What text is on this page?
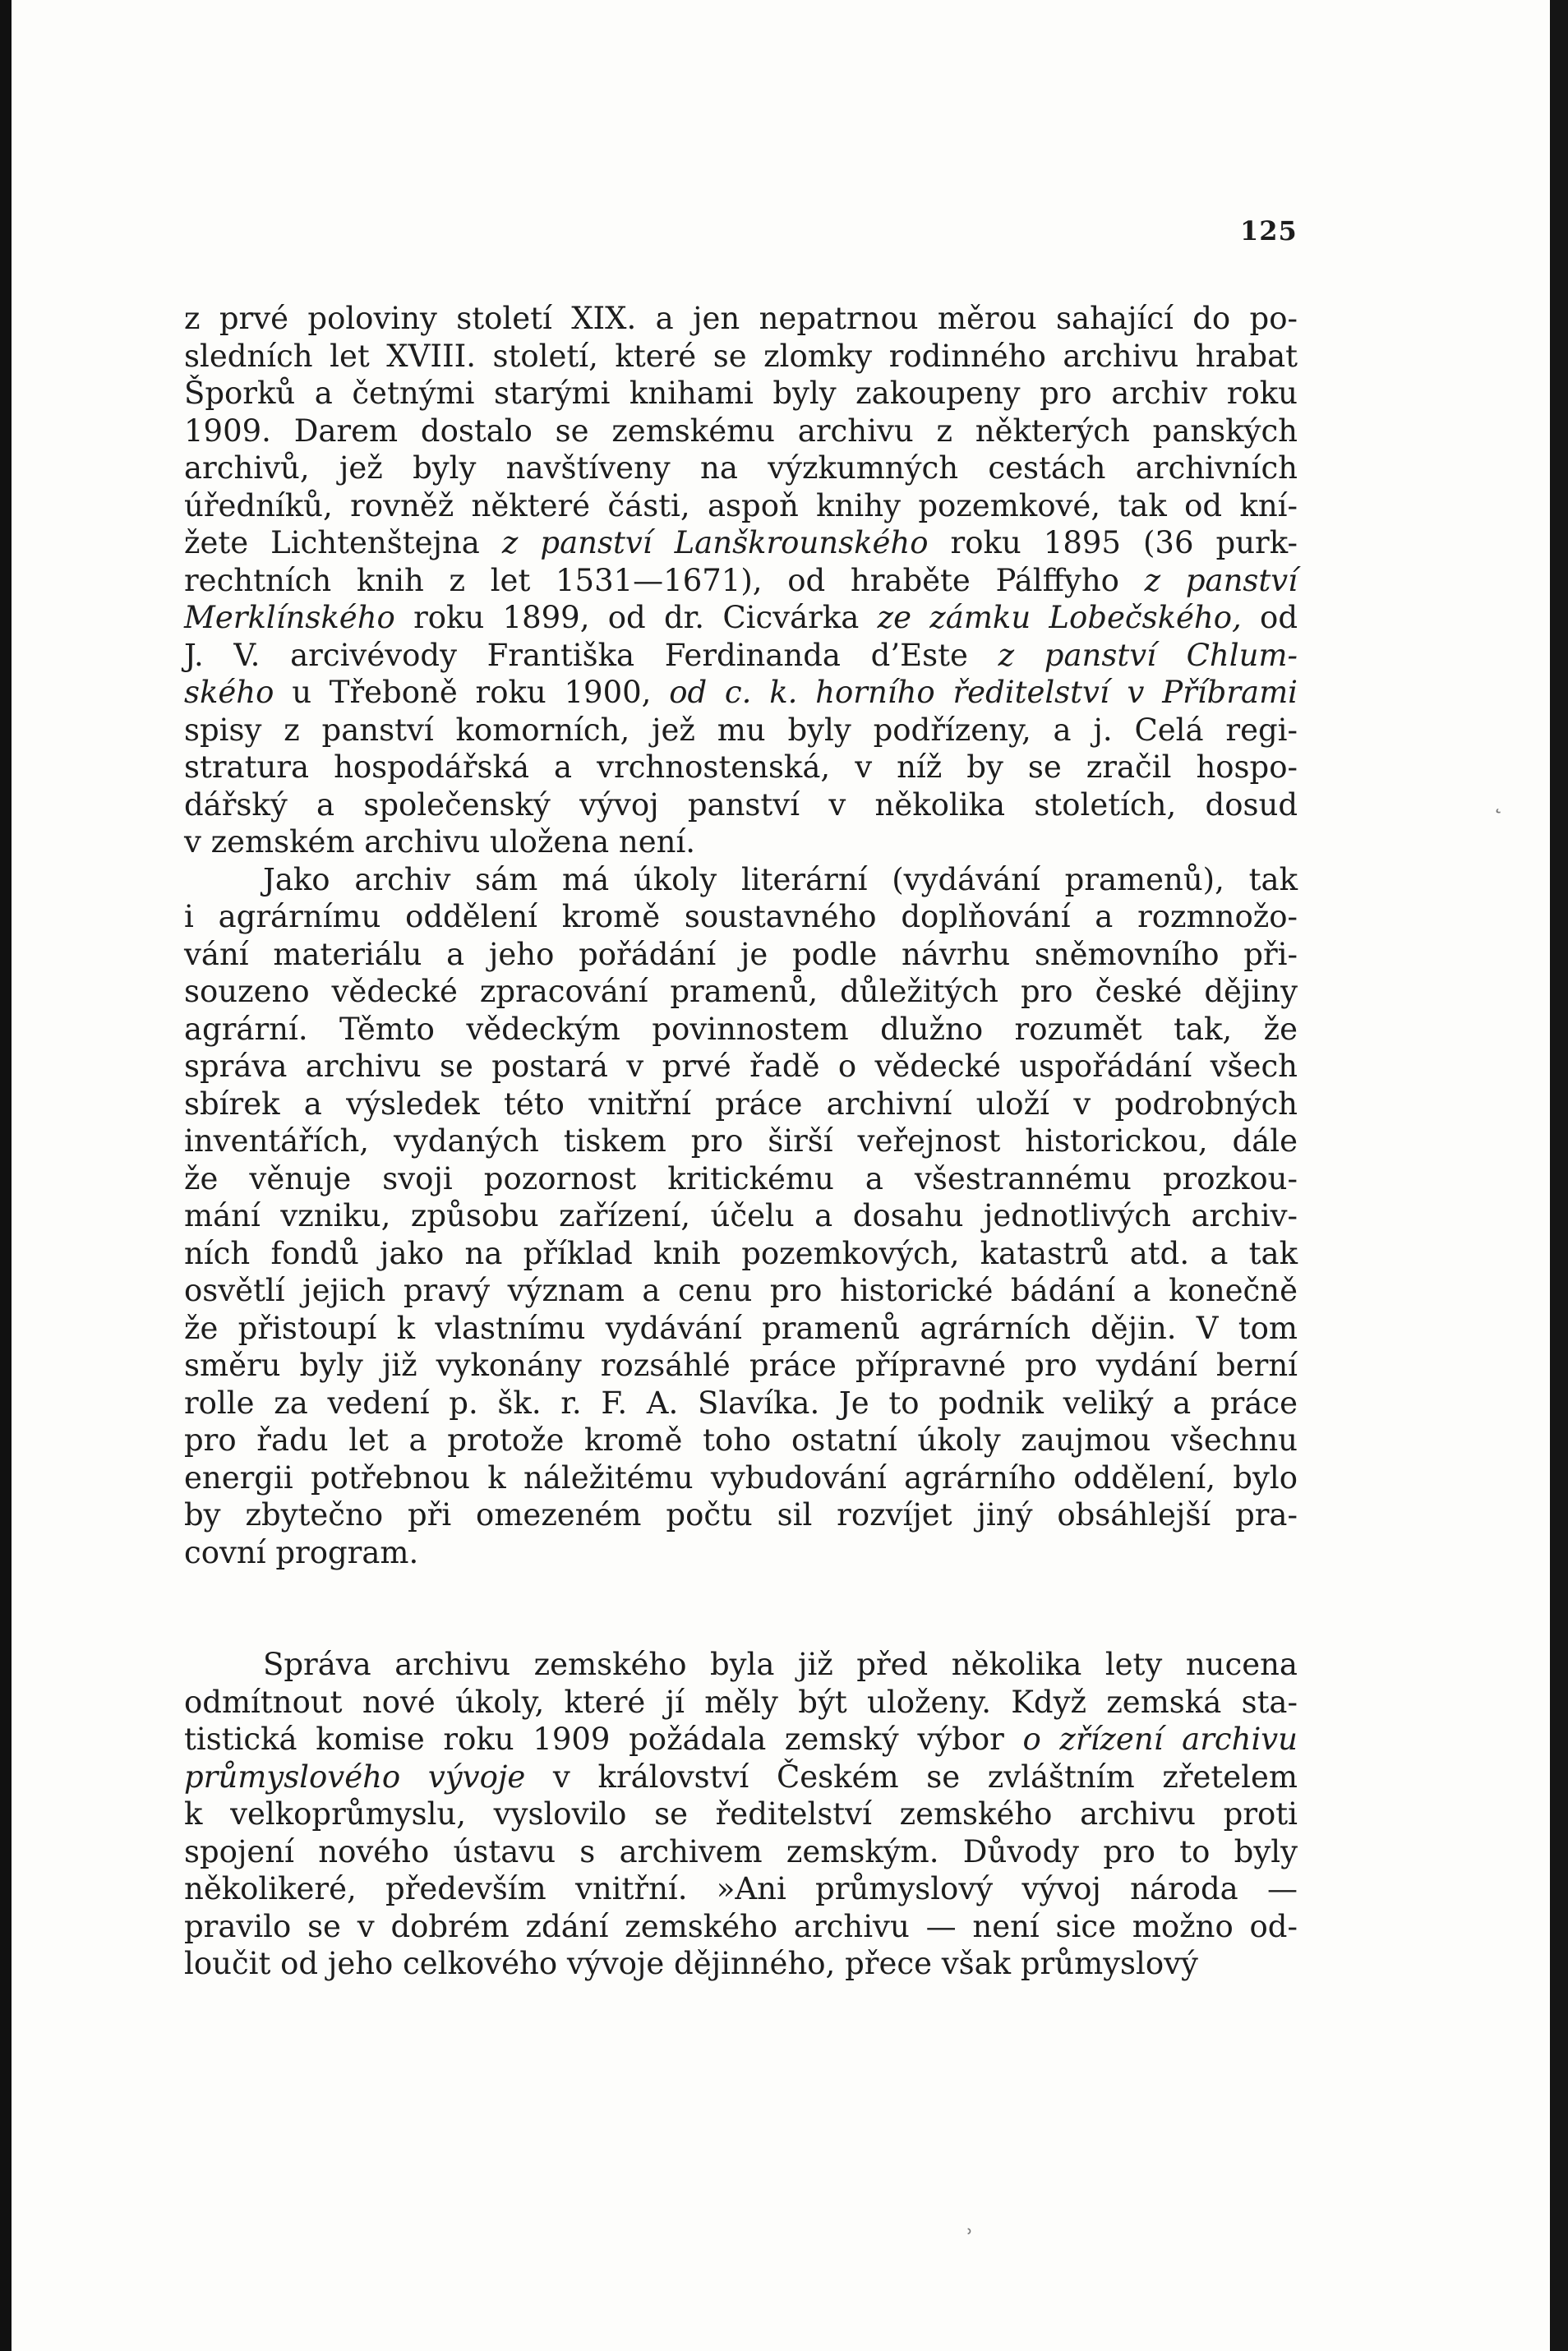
125

z prvé poloviny století XIX. a jen nepatrnou měrou sahající do po-
sledních let XVIII. století, které se zlomky rodinného archivu hrabat
Šporků a četnými starými knihami byly zakoupeny pro archiv roku
1909. Darem dostalo se zemskému archivu z některých panských
archivů, jež byly navštíveny na výzkumných cestách archivních
úředníků, rovněž některé části, aspoň knihy pozemkové, tak od kní-
žete Lichtenštejna z panství Lanškrounského roku 1895 (36 purk-
rechtních knih z let 1531—1671), od hraběte Pálffyho z panství
Merklínského roku 1899, od dr. Cicvárka ze zámku Lobečského, od
J. V. arcivévody Františka Ferdinanda d’Este z panství Chlum-
ského u Třeboně roku 1900, od c. k. horního ředitelství v Příbrami
spisy z panství komorních, jež mu byly podřízeny, a j. Celá regi-
stratura hospodářská a vrchnostenská, v níž by se zračil hospo-
dářský a společenský vývoj panství v několika stoletích, dosud
v zemském archivu uložena není.

Jako archiv sám má úkoly literární (vydávání pramenů), tak
i agrárnímu oddělení kromě soustavného doplňování a rozmnožo-
vání materiálu a jeho pořádání je podle návrhu sněmovního při-
souzeno vědecké zpracování pramenů, důležitých pro české dějiny
agrární. Těmto vědeckým povinnostem dlužno rozumět tak, že
správa archivu se postará v prvé řadě o vědecké uspořádání všech
sbírek a výsledek této vnitřní práce archivní uloží v podrobných
inventářích, vydaných tiskem pro širší veřejnost historickou, dále
že věnuje svoji pozornost kritickému a všestrannému prozkou-
mání vzniku, způsobu zařízení, účelu a dosahu jednotlivých archiv-
ních fondů jako na příklad knih pozemkových, katastrů atd. a tak
osvětlí jejich pravý význam a cenu pro historické bádání a konečně
že přistoupí k vlastnímu vydávání pramenů agrárních dějin. V tom
směru byly již vykonány rozsáhlé práce přípravné pro vydání berní
rolle za vedení p. šk. r. F. A. Slavíka. Je to podnik veliký a práce
pro řadu let a protože kromě toho ostatní úkoly zaujmou všechnu
energii potřebnou k náležitému vybudování agrárního oddělení, bylo
by zbytečno při omezeném počtu sil rozvíjet jiný obsáhlejší pra-
covní program.

Správa archivu zemského byla již před několika lety nucena
odmítnout nové úkoly, které jí měly být uloženy. Když zemská sta-
tistická komise roku 1909 požádala zemský výbor o zřízení archivu
průmyslového vývoje v království Českém se zvláštním zřetelem
k velkoprůmyslu, vyslovilo se ředitelství zemského archivu proti
spojení nového ústavu s archivem zemským. Důvody pro to byly
několikeré, především vnitřní. »Ani průmyslový vývoj národa —
pravilo se v dobrém zdání zemského archivu — není sice možno od-
loučit od jeho celkového vývoje dějinného, přece však průmyslový

˛
˒
